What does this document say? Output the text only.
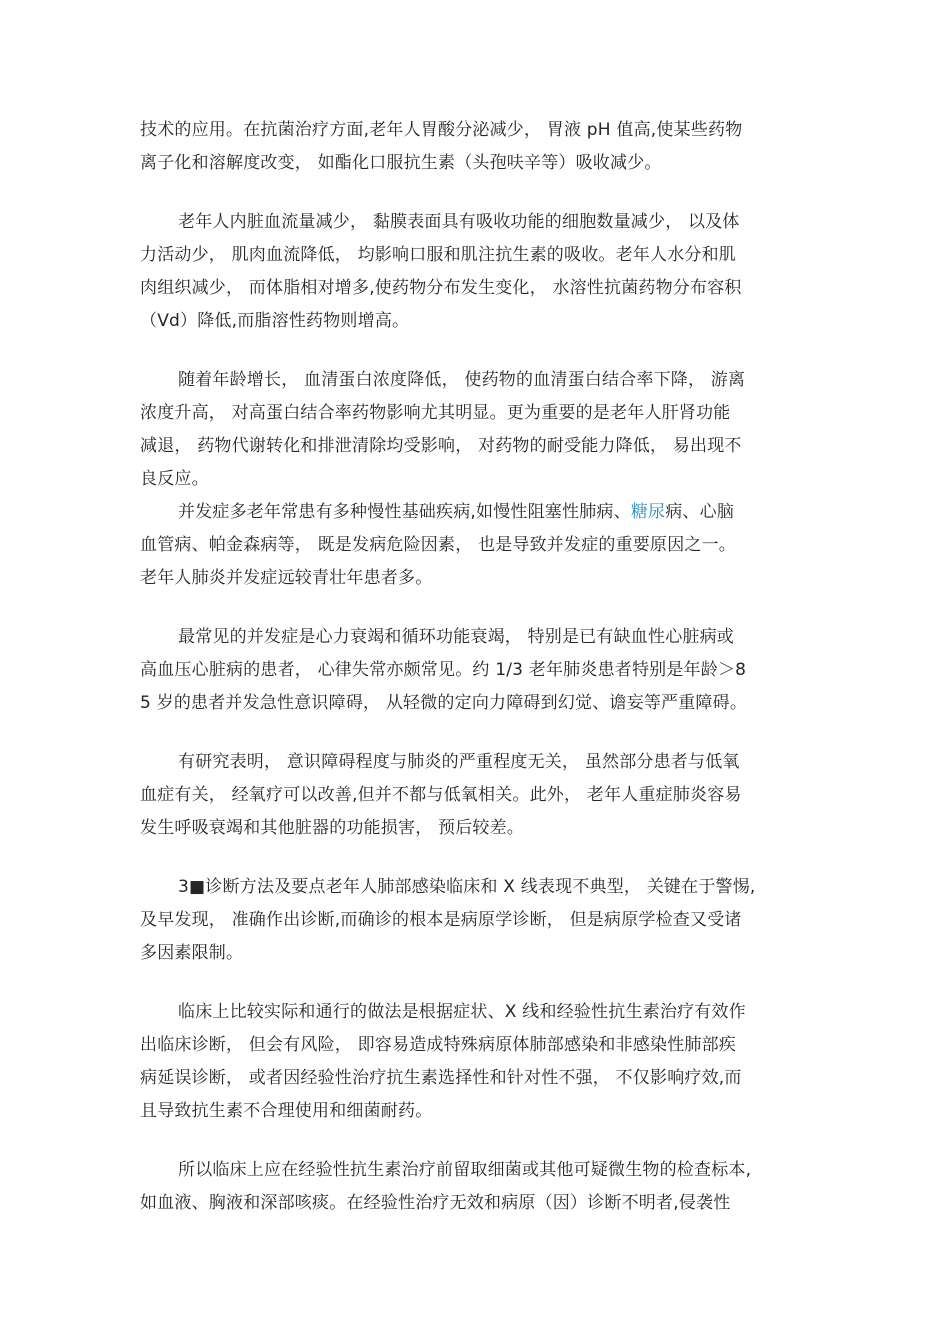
技术的应用。在抗菌治疗方面,老年人胃酸分泌减少， 胃液 pH 值高,使某些药物
离子化和溶解度改变， 如酯化口服抗生素（头孢呋辛等）吸收减少。
老年人内脏血流量减少， 黏膜表面具有吸收功能的细胞数量减少， 以及体
力活动少， 肌肉血流降低， 均影响口服和肌注抗生素的吸收。老年人水分和肌
肉组织减少， 而体脂相对增多,使药物分布发生变化， 水溶性抗菌药物分布容积
（Vd）降低,而脂溶性药物则增高。
随着年龄增长， 血清蛋白浓度降低， 使药物的血清蛋白结合率下降， 游离
浓度升高， 对高蛋白结合率药物影响尤其明显。更为重要的是老年人肝肾功能
减退， 药物代谢转化和排泄清除均受影响， 对药物的耐受能力降低， 易出现不
良反应。
并发症多老年常患有多种慢性基础疾病,如慢性阻塞性肺病、糖尿病、心脑
血管病、帕金森病等， 既是发病危险因素， 也是导致并发症的重要原因之一。
老年人肺炎并发症远较青壮年患者多。
最常见的并发症是心力衰竭和循环功能衰竭， 特别是已有缺血性心脏病或
高血压心脏病的患者， 心律失常亦颇常见。约 1/3 老年肺炎患者特别是年龄＞8
5 岁的患者并发急性意识障碍， 从轻微的定向力障碍到幻觉、谵妄等严重障碍。
有研究表明， 意识障碍程度与肺炎的严重程度无关， 虽然部分患者与低氧
血症有关， 经氧疗可以改善,但并不都与低氧相关。此外， 老年人重症肺炎容易
发生呼吸衰竭和其他脏器的功能损害， 预后较差。
3■诊断方法及要点老年人肺部感染临床和 X 线表现不典型， 关键在于警惕,
及早发现， 准确作出诊断,而确诊的根本是病原学诊断， 但是病原学检查又受诸
多因素限制。
临床上比较实际和通行的做法是根据症状、X 线和经验性抗生素治疗有效作
出临床诊断， 但会有风险， 即容易造成特殊病原体肺部感染和非感染性肺部疾
病延误诊断， 或者因经验性治疗抗生素选择性和针对性不强， 不仅影响疗效,而
且导致抗生素不合理使用和细菌耐药。
所以临床上应在经验性抗生素治疗前留取细菌或其他可疑微生物的检查标本,
如血液、胸液和深部咳痰。在经验性治疗无效和病原（因）诊断不明者,侵袭性
